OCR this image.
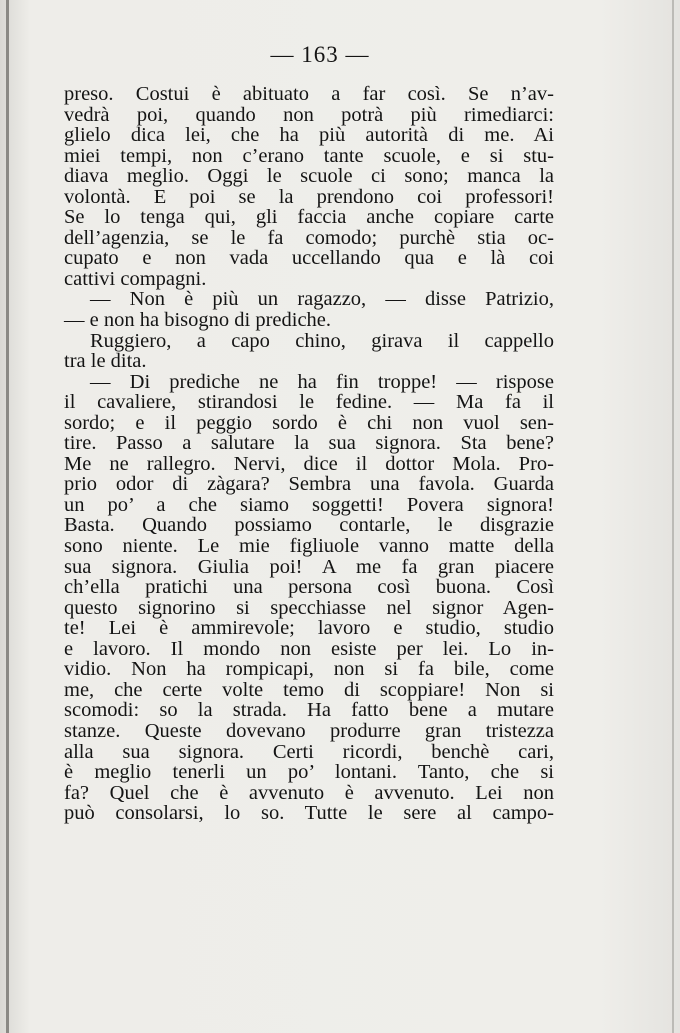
— 163 —
preso. Costui è abituato a far così. Se n’av-
vedrà poi, quando non potrà più rimediarci:
glielo dica lei, che ha più autorità di me. Ai
miei tempi, non c’erano tante scuole, e si stu-
diava meglio. Oggi le scuole ci sono; manca la
volontà. E poi se la prendono coi professori!
Se lo tenga qui, gli faccia anche copiare carte
dell’agenzia, se le fa comodo; purchè stia oc-
cupato e non vada uccellando qua e là coi
cattivi compagni.
— Non è più un ragazzo, — disse Patrizio,
— e non ha bisogno di prediche.
Ruggiero, a capo chino, girava il cappello
tra le dita.
— Di prediche ne ha fin troppe! — rispose
il cavaliere, stirandosi le fedine. — Ma fa il
sordo; e il peggio sordo è chi non vuol sen-
tire. Passo a salutare la sua signora. Sta bene?
Me ne rallegro. Nervi, dice il dottor Mola. Pro-
prio odor di zàgara? Sembra una favola. Guarda
un po’ a che siamo soggetti! Povera signora!
Basta. Quando possiamo contarle, le disgrazie
sono niente. Le mie figliuole vanno matte della
sua signora. Giulia poi! A me fa gran piacere
ch’ella pratichi una persona così buona. Così
questo signorino si specchiasse nel signor Agen-
te! Lei è ammirevole; lavoro e studio, studio
e lavoro. Il mondo non esiste per lei. Lo in-
vidio. Non ha rompicapi, non si fa bile, come
me, che certe volte temo di scoppiare! Non si
scomodi: so la strada. Ha fatto bene a mutare
stanze. Queste dovevano produrre gran tristezza
alla sua signora. Certi ricordi, benchè cari,
è meglio tenerli un po’ lontani. Tanto, che si
fa? Quel che è avvenuto è avvenuto. Lei non
può consolarsi, lo so. Tutte le sere al campo-
